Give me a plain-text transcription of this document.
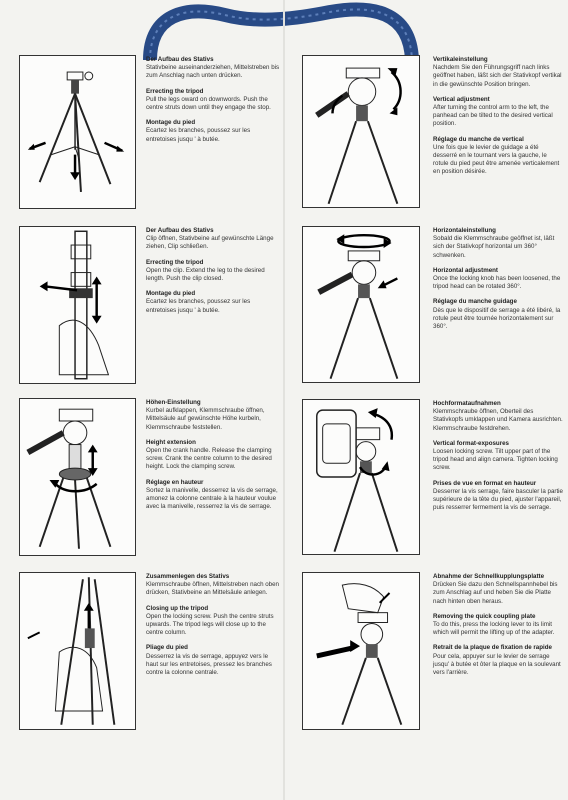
Der Aufbau des Stativs
Stativbeine auseinanderziehen, Mittelstreben bis zum Anschlag nach unten drücken.
Errecting the tripod
Pull the legs oward on downwords. Push the centre struts down until they engage the stop.
Montage du pied
Ecartez les branches, poussez sur les entretoises jusqu ' à butée.
Der Aufbau des Stativs
Clip öffnen, Stativbeine auf gewünschte Länge ziehen, Clip schließen.
Errecting the tripod
Open the clip. Extend the leg to the desired length. Push the clip closed.
Montage du pied
Ecartez les branches, poussez sur les entretoises jusqu ' à butée.
Höhen-Einstellung
Kurbel aufklappen, Klemmschraube öffnen, Mittelsäule auf gewünschte Höhe kurbeln, Klemmschraube feststellen.
Height extension
Open the crank handle. Release the clamping screw. Crank the centre column to the desired height. Lock the clamping screw.
Réglage en hauteur
Sortez la manivelle, desserrez la vis de serrage, amonez la colonne centrale à la hauteur voulue avec la manivelle, resserrez la vis de serrage.
Zusammenlegen des Stativs
Klemmschraube öffnen, Mittelstreben nach oben drücken, Stativbeine an Mittelsäule anlegen.
Closing up the tripod
Open the locking screw. Push the centre struts upwards. The tripod legs will close up to the centre column.
Pliage du pied
Desserrez la vis de serrage, appuyez vers le haut sur les entretoises, pressez les branches contre la colonne centrale.
Vertikaleinstellung
Nachdem Sie den Führungsgriff nach links geöffnet haben, läßt sich der Stativkopf vertikal in die gewünschte Position bringen.
Vertical adjustment
After turning the control arm to the left, the panhead can be tilted to the desired vertical position.
Réglage du manche de vertical
Une fois que le levier de guidage a été desserré en le tournant vers la gauche, le rotule du pied peut être amenée verticalement en position désirée.
Horizontaleinstellung
Sobald die Klemmschraube geöffnet ist, läßt sich der Stativkopf horizontal um 360° schwenken.
Horizontal adjustment
Once the locking knob has been loosened, the tripod head can be rotated 360°.
Réglage du manche guidage
Dès que le dispositif de serrage a été libéré, la rotule peut être tournée horizontalement sur 360°.
Hochformataufnahmen
Klemmschraube öffnen, Oberteil des Stativkopfs umklappen und Kamera ausrichten. Klemmschraube festdrehen.
Vertical format-exposures
Loosen locking screw. Tilt upper part of the tripod head and align camera. Tighten locking screw.
Prises de vue en format en hauteur
Desserrer la vis serrage, faire basculer la partie supérieure de la tête du pied, ajuster l'appareil, puis resserrer fermement la vis de serrage.
Abnahme der Schnellkupplungsplatte
Drücken Sie dazu den Schnellspannhebel bis zum Anschlag auf und heben Sie die Platte nach hinten oben heraus.
Removing the quick coupling plate
To do this, press the locking lever to its limit which will permit the lifting up of the adapter.
Retrait de la plaque de fixation de rapide
Pour cela, appuyer sur le levier de serrage jusqu' à butée et ôter la plaque en la soulevant vers l'arrière.
